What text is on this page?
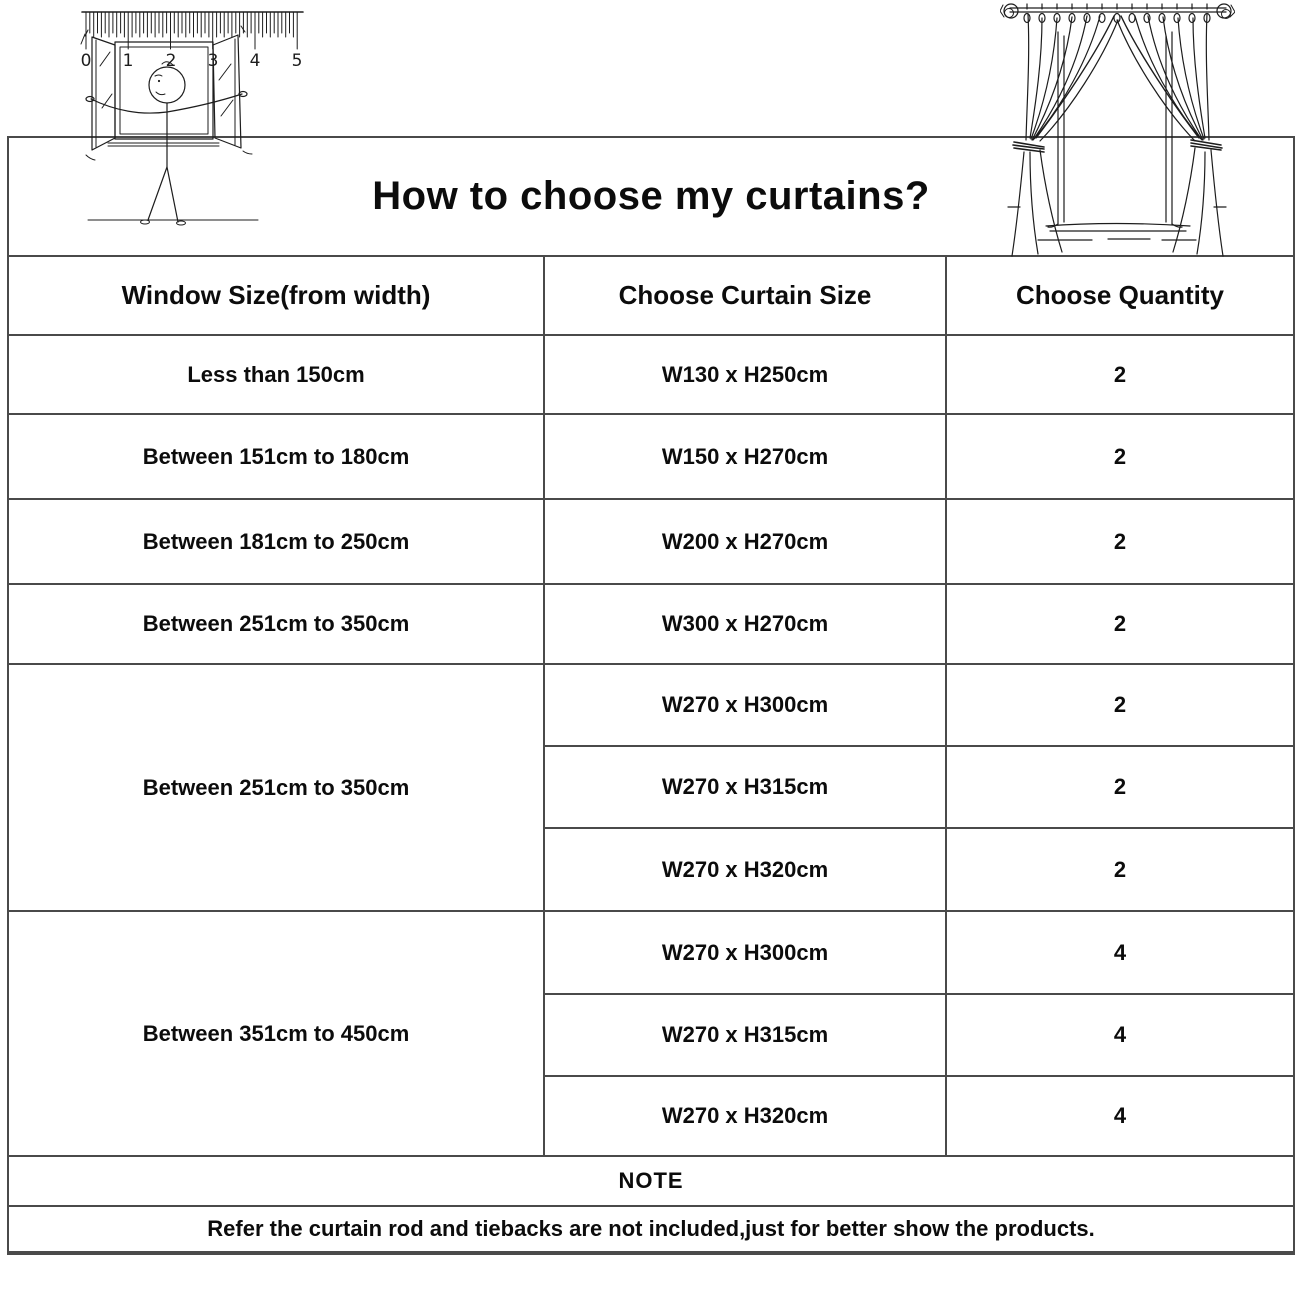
How to choose my curtains?		
Window Size(from width)	Choose Curtain Size	Choose Quantity
Less than 150cm	W130 x H250cm	2
Between 151cm to 180cm	W150 x H270cm	2
Between 181cm to 250cm	W200 x H270cm	2
Between 251cm to 350cm	W300 x H270cm	2
Between 251cm to 350cm	W270 x H300cm	2
	W270 x H315cm	2
	W270 x H320cm	2
Between 351cm to 450cm	W270 x H300cm	4
	W270 x H315cm	4
	W270 x H320cm	4
NOTE		
Refer the curtain rod and tiebacks are not included,just for better show the products.		
0 1 2 3 4 5
